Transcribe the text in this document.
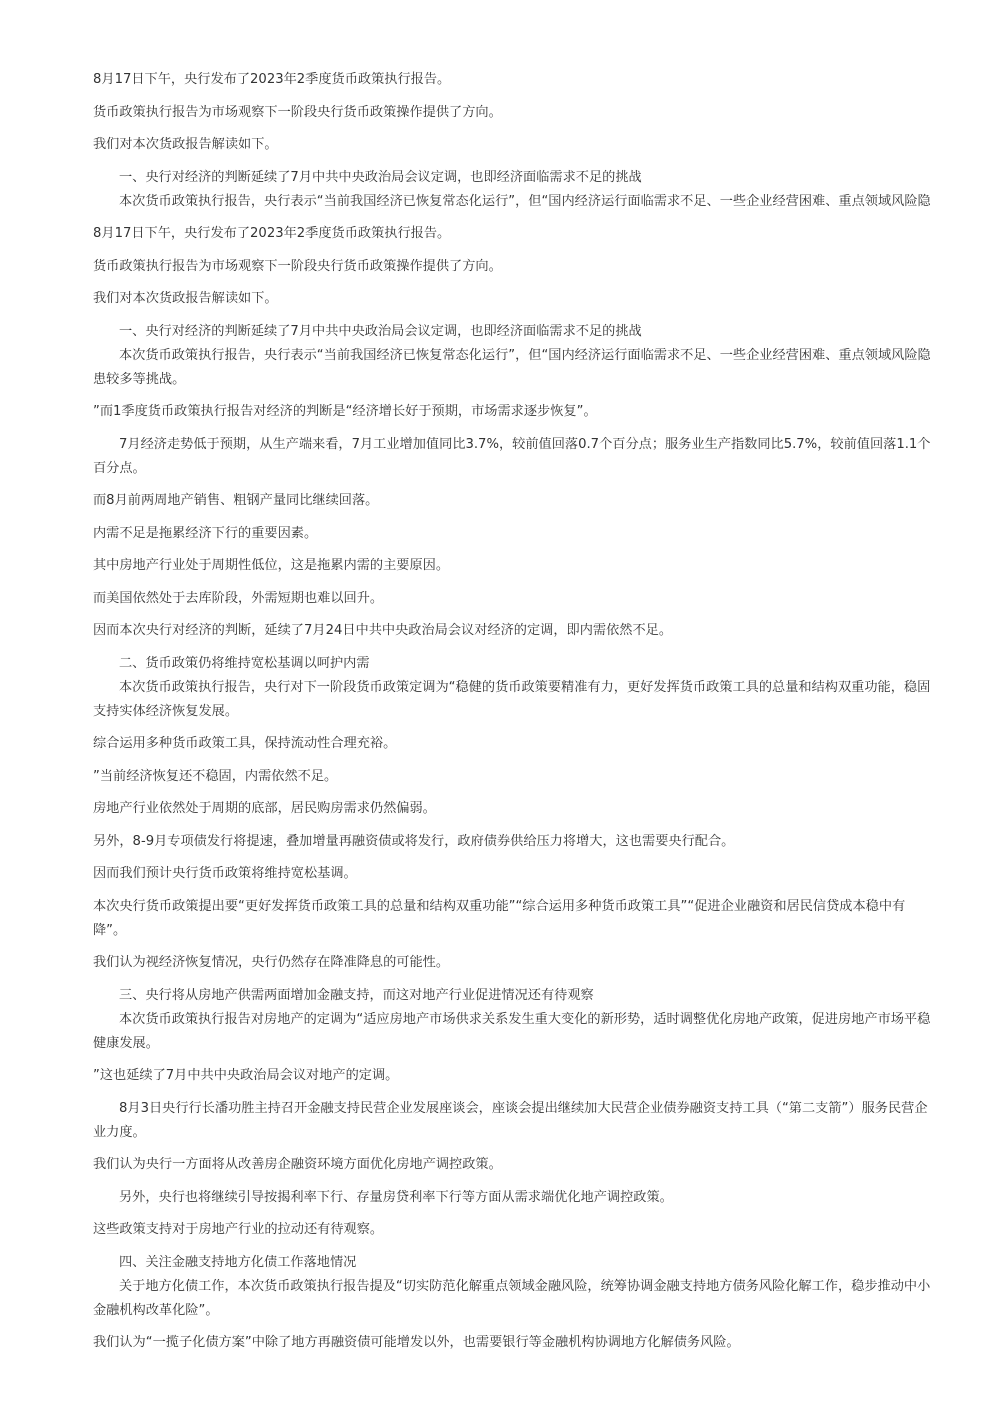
8月17日下午，央行发布了2023年2季度货币政策执行报告。
货币政策执行报告为市场观察下一阶段央行货币政策操作提供了方向。
我们对本次货政报告解读如下。
一、央行对经济的判断延续了7月中共中央政治局会议定调，也即经济面临需求不足的挑战
本次货币政策执行报告，央行表示“当前我国经济已恢复常态化运行”，但“国内经济运行面临需求不足、一些企业经营困难、重点领域风险隐
8月17日下午，央行发布了2023年2季度货币政策执行报告。
货币政策执行报告为市场观察下一阶段央行货币政策操作提供了方向。
我们对本次货政报告解读如下。
一、央行对经济的判断延续了7月中共中央政治局会议定调，也即经济面临需求不足的挑战
本次货币政策执行报告，央行表示“当前我国经济已恢复常态化运行”，但“国内经济运行面临需求不足、一些企业经营困难、重点领域风险隐
患较多等挑战。
”而1季度货币政策执行报告对经济的判断是“经济增长好于预期，市场需求逐步恢复”。
7月经济走势低于预期，从生产端来看，7月工业增加值同比3.7%，较前值回落0.7个百分点；服务业生产指数同比5.7%，较前值回落1.1个
百分点。
而8月前两周地产销售、粗钢产量同比继续回落。
内需不足是拖累经济下行的重要因素。
其中房地产行业处于周期性低位，这是拖累内需的主要原因。
而美国依然处于去库阶段，外需短期也难以回升。
因而本次央行对经济的判断，延续了7月24日中共中央政治局会议对经济的定调，即内需依然不足。
二、货币政策仍将维持宽松基调以呵护内需
本次货币政策执行报告，央行对下一阶段货币政策定调为“稳健的货币政策要精准有力，更好发挥货币政策工具的总量和结构双重功能，稳固
支持实体经济恢复发展。
综合运用多种货币政策工具，保持流动性合理充裕。
”当前经济恢复还不稳固，内需依然不足。
房地产行业依然处于周期的底部，居民购房需求仍然偏弱。
另外，8-9月专项债发行将提速，叠加增量再融资债或将发行，政府债券供给压力将增大，这也需要央行配合。
因而我们预计央行货币政策将维持宽松基调。
本次央行货币政策提出要“更好发挥货币政策工具的总量和结构双重功能”“综合运用多种货币政策工具”“促进企业融资和居民信贷成本稳中有
降”。
我们认为视经济恢复情况，央行仍然存在降准降息的可能性。
三、央行将从房地产供需两面增加金融支持，而这对地产行业促进情况还有待观察
本次货币政策执行报告对房地产的定调为“适应房地产市场供求关系发生重大变化的新形势，适时调整优化房地产政策，促进房地产市场平稳
健康发展。
”这也延续了7月中共中央政治局会议对地产的定调。
8月3日央行行长潘功胜主持召开金融支持民营企业发展座谈会，座谈会提出继续加大民营企业债券融资支持工具（“第二支箭”）服务民营企
业力度。
我们认为央行一方面将从改善房企融资环境方面优化房地产调控政策。
另外，央行也将继续引导按揭利率下行、存量房贷利率下行等方面从需求端优化地产调控政策。
这些政策支持对于房地产行业的拉动还有待观察。
四、关注金融支持地方化债工作落地情况
关于地方化债工作，本次货币政策执行报告提及“切实防范化解重点领域金融风险，统筹协调金融支持地方债务风险化解工作，稳步推动中小
金融机构改革化险”。
我们认为“一揽子化债方案”中除了地方再融资债可能增发以外，也需要银行等金融机构协调地方化解债务风险。
